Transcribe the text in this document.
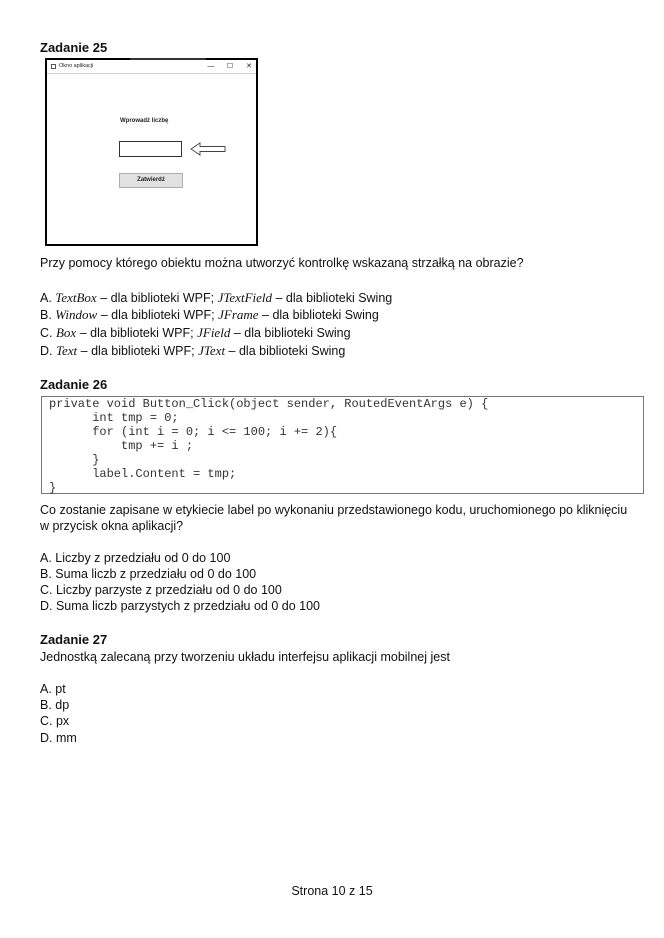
Zadanie 25
Okno aplikacji	—	☐	✕
Wprowadź liczbę
Zatwierdź
Przy pomocy którego obiektu można utworzyć kontrolkę wskazaną strzałką na obrazie?
A. TextBox – dla biblioteki WPF; JTextField – dla biblioteki Swing
B. Window – dla biblioteki WPF; JFrame – dla biblioteki Swing
C. Box – dla biblioteki WPF; JField – dla biblioteki Swing
D. Text – dla biblioteki WPF; JText – dla biblioteki Swing
Zadanie 26
private void Button_Click(object sender, RoutedEventArgs e) {
int tmp = 0;
for (int i = 0; i <= 100; i += 2){
tmp += i ;
}
label.Content = tmp;
}
Co zostanie zapisane w etykiecie label po wykonaniu przedstawionego kodu, uruchomionego po kliknięciu
w przycisk okna aplikacji?
A. Liczby z przedziału od 0 do 100
B. Suma liczb z przedziału od 0 do 100
C. Liczby parzyste z przedziału od 0 do 100
D. Suma liczb parzystych z przedziału od 0 do 100
Zadanie 27
Jednostką zalecaną przy tworzeniu układu interfejsu aplikacji mobilnej jest
A. pt
B. dp
C. px
D. mm
Strona 10 z 15
